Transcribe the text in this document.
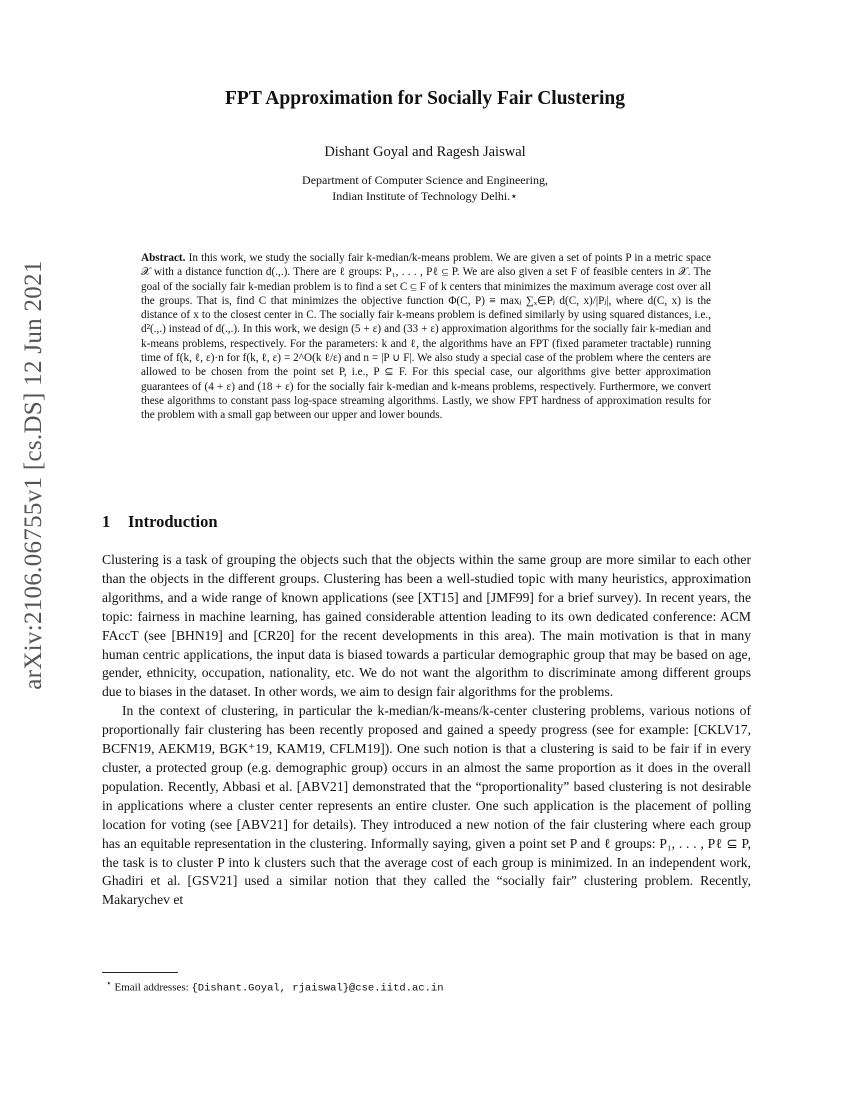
arXiv:2106.06755v1 [cs.DS] 12 Jun 2021
FPT Approximation for Socially Fair Clustering
Dishant Goyal and Ragesh Jaiswal
Department of Computer Science and Engineering,
Indian Institute of Technology Delhi.⋆
Abstract. In this work, we study the socially fair k-median/k-means problem. We are given a set of points P in a metric space 𝒳 with a distance function d(.,.). There are ℓ groups: P₁, . . . , Pℓ ⊆ P. We are also given a set F of feasible centers in 𝒳. The goal of the socially fair k-median problem is to find a set C ⊆ F of k centers that minimizes the maximum average cost over all the groups. That is, find C that minimizes the objective function Φ(C, P) ≡ maxⱼ ∑ₓ∈Pⱼ d(C, x)/|Pⱼ|, where d(C, x) is the distance of x to the closest center in C. The socially fair k-means problem is defined similarly by using squared distances, i.e., d²(.,.) instead of d(.,.). In this work, we design (5 + ε) and (33 + ε) approximation algorithms for the socially fair k-median and k-means problems, respectively. For the parameters: k and ℓ, the algorithms have an FPT (fixed parameter tractable) running time of f(k, ℓ, ε)·n for f(k, ℓ, ε) = 2^O(k ℓ/ε) and n = |P ∪ F|. We also study a special case of the problem where the centers are allowed to be chosen from the point set P, i.e., P ⊆ F. For this special case, our algorithms give better approximation guarantees of (4 + ε) and (18 + ε) for the socially fair k-median and k-means problems, respectively. Furthermore, we convert these algorithms to constant pass log-space streaming algorithms. Lastly, we show FPT hardness of approximation results for the problem with a small gap between our upper and lower bounds.
1 Introduction

Clustering is a task of grouping the objects such that the objects within the same group are more similar to each other than the objects in the different groups. Clustering has been a well-studied topic with many heuristics, approximation algorithms, and a wide range of known applications (see [XT15] and [JMF99] for a brief survey). In recent years, the topic: fairness in machine learning, has gained considerable attention leading to its own dedicated conference: ACM FAccT (see [BHN19] and [CR20] for the recent developments in this area). The main motivation is that in many human centric applications, the input data is biased towards a particular demographic group that may be based on age, gender, ethnicity, occupation, nationality, etc. We do not want the algorithm to discriminate among different groups due to biases in the dataset. In other words, we aim to design fair algorithms for the problems.

In the context of clustering, in particular the k-median/k-means/k-center clustering problems, various notions of proportionally fair clustering has been recently proposed and gained a speedy progress (see for example: [CKLV17, BCFN19, AEKM19, BGK⁺19, KAM19, CFLM19]). One such notion is that a clustering is said to be fair if in every cluster, a protected group (e.g. demographic group) occurs in an almost the same proportion as it does in the overall population. Recently, Abbasi et al. [ABV21] demonstrated that the “proportionality” based clustering is not desirable in applications where a cluster center represents an entire cluster. One such application is the placement of polling location for voting (see [ABV21] for details). They introduced a new notion of the fair clustering where each group has an equitable representation in the clustering. Informally saying, given a point set P and ℓ groups: P₁, . . . , Pℓ ⊆ P, the task is to cluster P into k clusters such that the average cost of each group is minimized. In an independent work, Ghadiri et al. [GSV21] used a similar notion that they called the “socially fair” clustering problem. Recently, Makarychev et

⋆ Email addresses: {Dishant.Goyal, rjaiswal}@cse.iitd.ac.in
